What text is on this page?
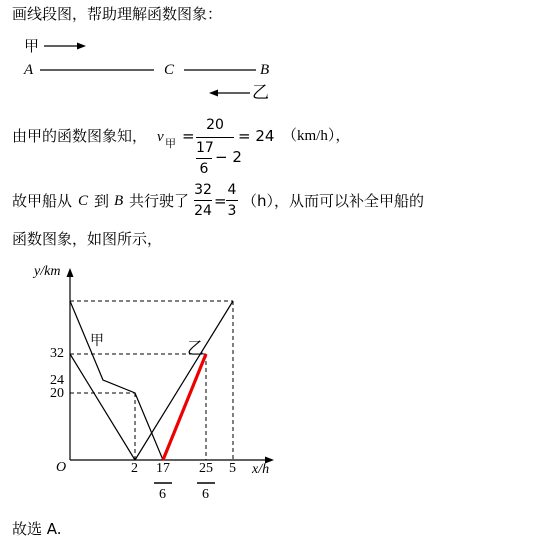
画线段图，帮助理解函数图象：
甲
乙
A	C	B
由甲的函数图象知， v 甲 =
20
17
6
− 2
= 24 （km/h），
故甲船从 C 到 B 共行驶了
32
24
=
4
3
（h），从而可以补全甲船的
函数图象，如图所示，
y/km
x/h
O
甲	乙
32
24
20
2	5
17
6
25
6
故选 A.
